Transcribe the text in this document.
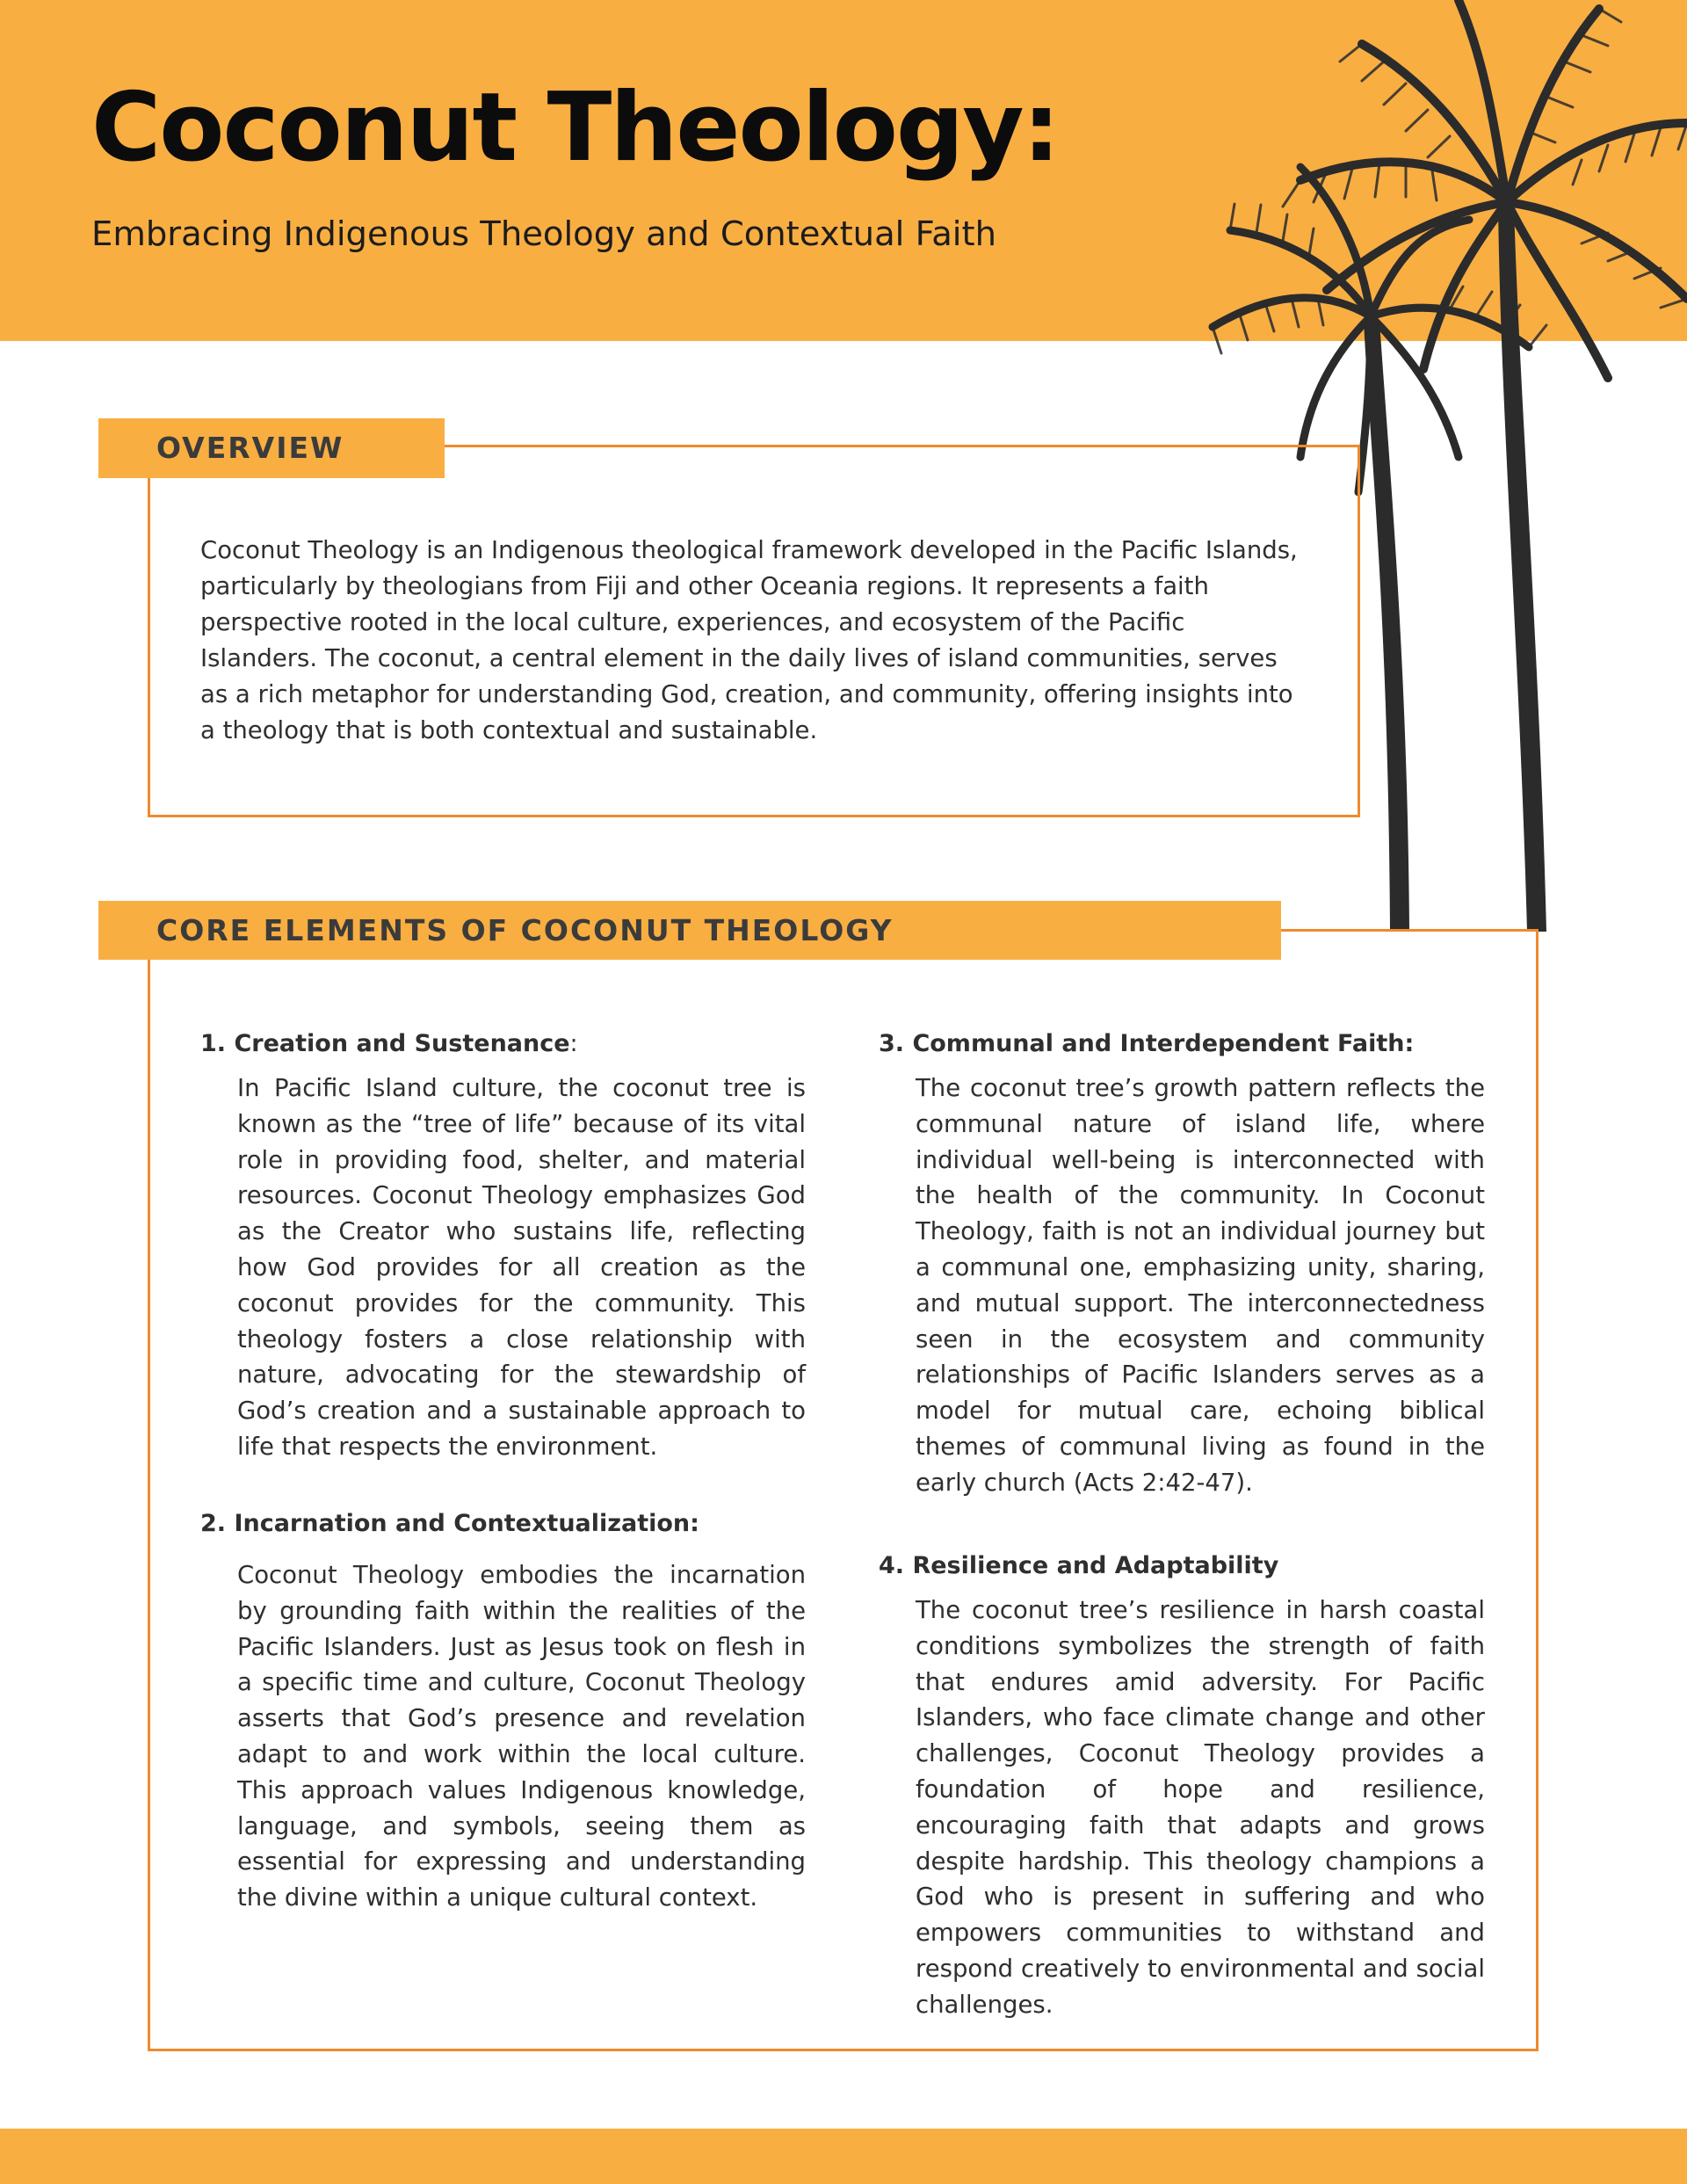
Coconut Theology:

Embracing Indigenous Theology and Contextual Faith

OVERVIEW

Coconut Theology is an Indigenous theological framework developed in the Pacific Islands, particularly by theologians from Fiji and other Oceania regions. It represents a faith perspective rooted in the local culture, experiences, and ecosystem of the Pacific Islanders. The coconut, a central element in the daily lives of island communities, serves as a rich metaphor for understanding God, creation, and community, offering insights into a theology that is both contextual and sustainable.

CORE ELEMENTS OF COCONUT THEOLOGY
1. Creation and Sustenance:

In Pacific Island culture, the coconut tree is known as the “tree of life” because of its vital role in providing food, shelter, and material resources. Coconut Theology emphasizes God as the Creator who sustains life, reflecting how God provides for all creation as the coconut provides for the community. This theology fosters a close relationship with nature, advocating for the stewardship of God’s creation and a sustainable approach to life that respects the environment.

2. Incarnation and Contextualization:

Coconut Theology embodies the incarnation by grounding faith within the realities of the Pacific Islanders. Just as Jesus took on flesh in a specific time and culture, Coconut Theology asserts that God’s presence and revelation adapt to and work within the local culture. This approach values Indigenous knowledge, language, and symbols, seeing them as essential for expressing and understanding the divine within a unique cultural context.

3. Communal and Interdependent Faith:

The coconut tree’s growth pattern reflects the communal nature of island life, where individual well-being is interconnected with the health of the community. In Coconut Theology, faith is not an individual journey but a communal one, emphasizing unity, sharing, and mutual support. The interconnectedness seen in the ecosystem and community relationships of Pacific Islanders serves as a model for mutual care, echoing biblical themes of communal living as found in the early church (Acts 2:42-47).

4. Resilience and Adaptability

The coconut tree’s resilience in harsh coastal conditions symbolizes the strength of faith that endures amid adversity. For Pacific Islanders, who face climate change and other challenges, Coconut Theology provides a foundation of hope and resilience, encouraging faith that adapts and grows despite hardship. This theology champions a God who is present in suffering and who empowers communities to withstand and respond creatively to environmental and social challenges.
